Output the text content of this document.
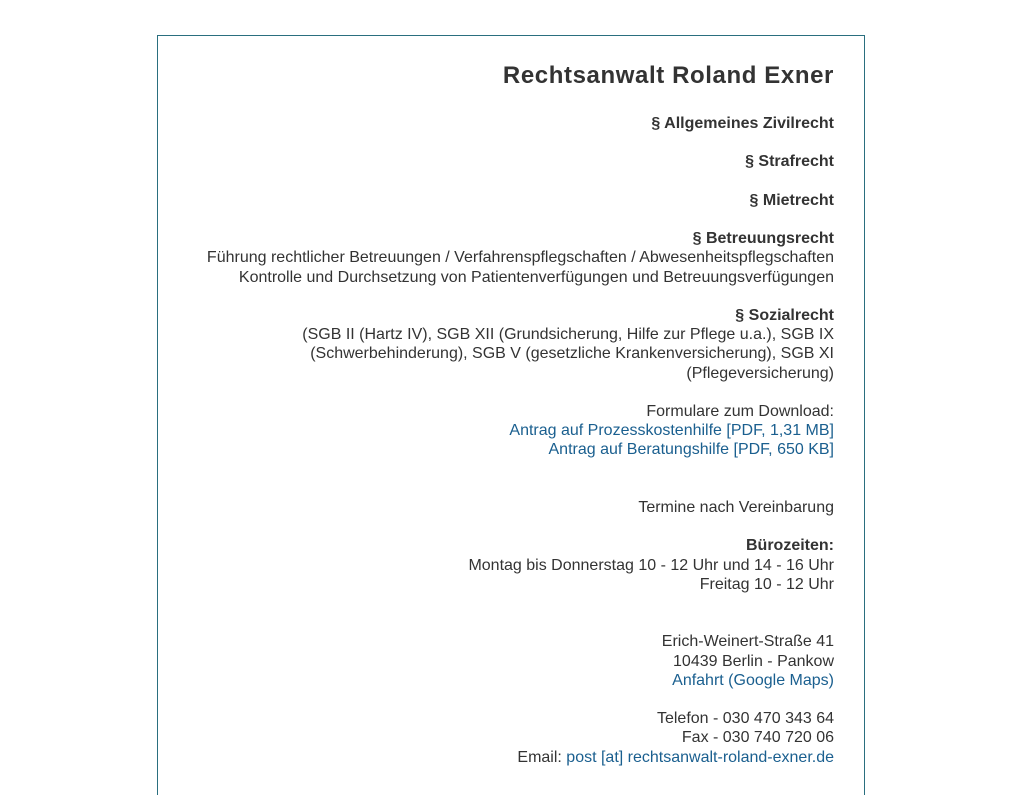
Rechtsanwalt Roland Exner
§ Allgemeines Zivilrecht
§ Strafrecht
§ Mietrecht
§ Betreuungsrecht
Führung rechtlicher Betreuungen / Verfahrenspflegschaften / Abwesenheitspflegschaften
Kontrolle und Durchsetzung von Patientenverfügungen und Betreuungsverfügungen
§ Sozialrecht
(SGB II (Hartz IV), SGB XII (Grundsicherung, Hilfe zur Pflege u.a.), SGB IX
(Schwerbehinderung), SGB V (gesetzliche Krankenversicherung), SGB XI
(Pflegeversicherung)
Formulare zum Download:
Antrag auf Prozesskostenhilfe [PDF, 1,31 MB]
Antrag auf Beratungshilfe [PDF, 650 KB]
Termine nach Vereinbarung
Bürozeiten:
Montag bis Donnerstag 10 - 12 Uhr und 14 - 16 Uhr
Freitag 10 - 12 Uhr
Erich-Weinert-Straße 41
10439 Berlin - Pankow
Anfahrt (Google Maps)
Telefon - 030 470 343 64
Fax - 030 740 720 06
Email: post [at] rechtsanwalt-roland-exner.de
